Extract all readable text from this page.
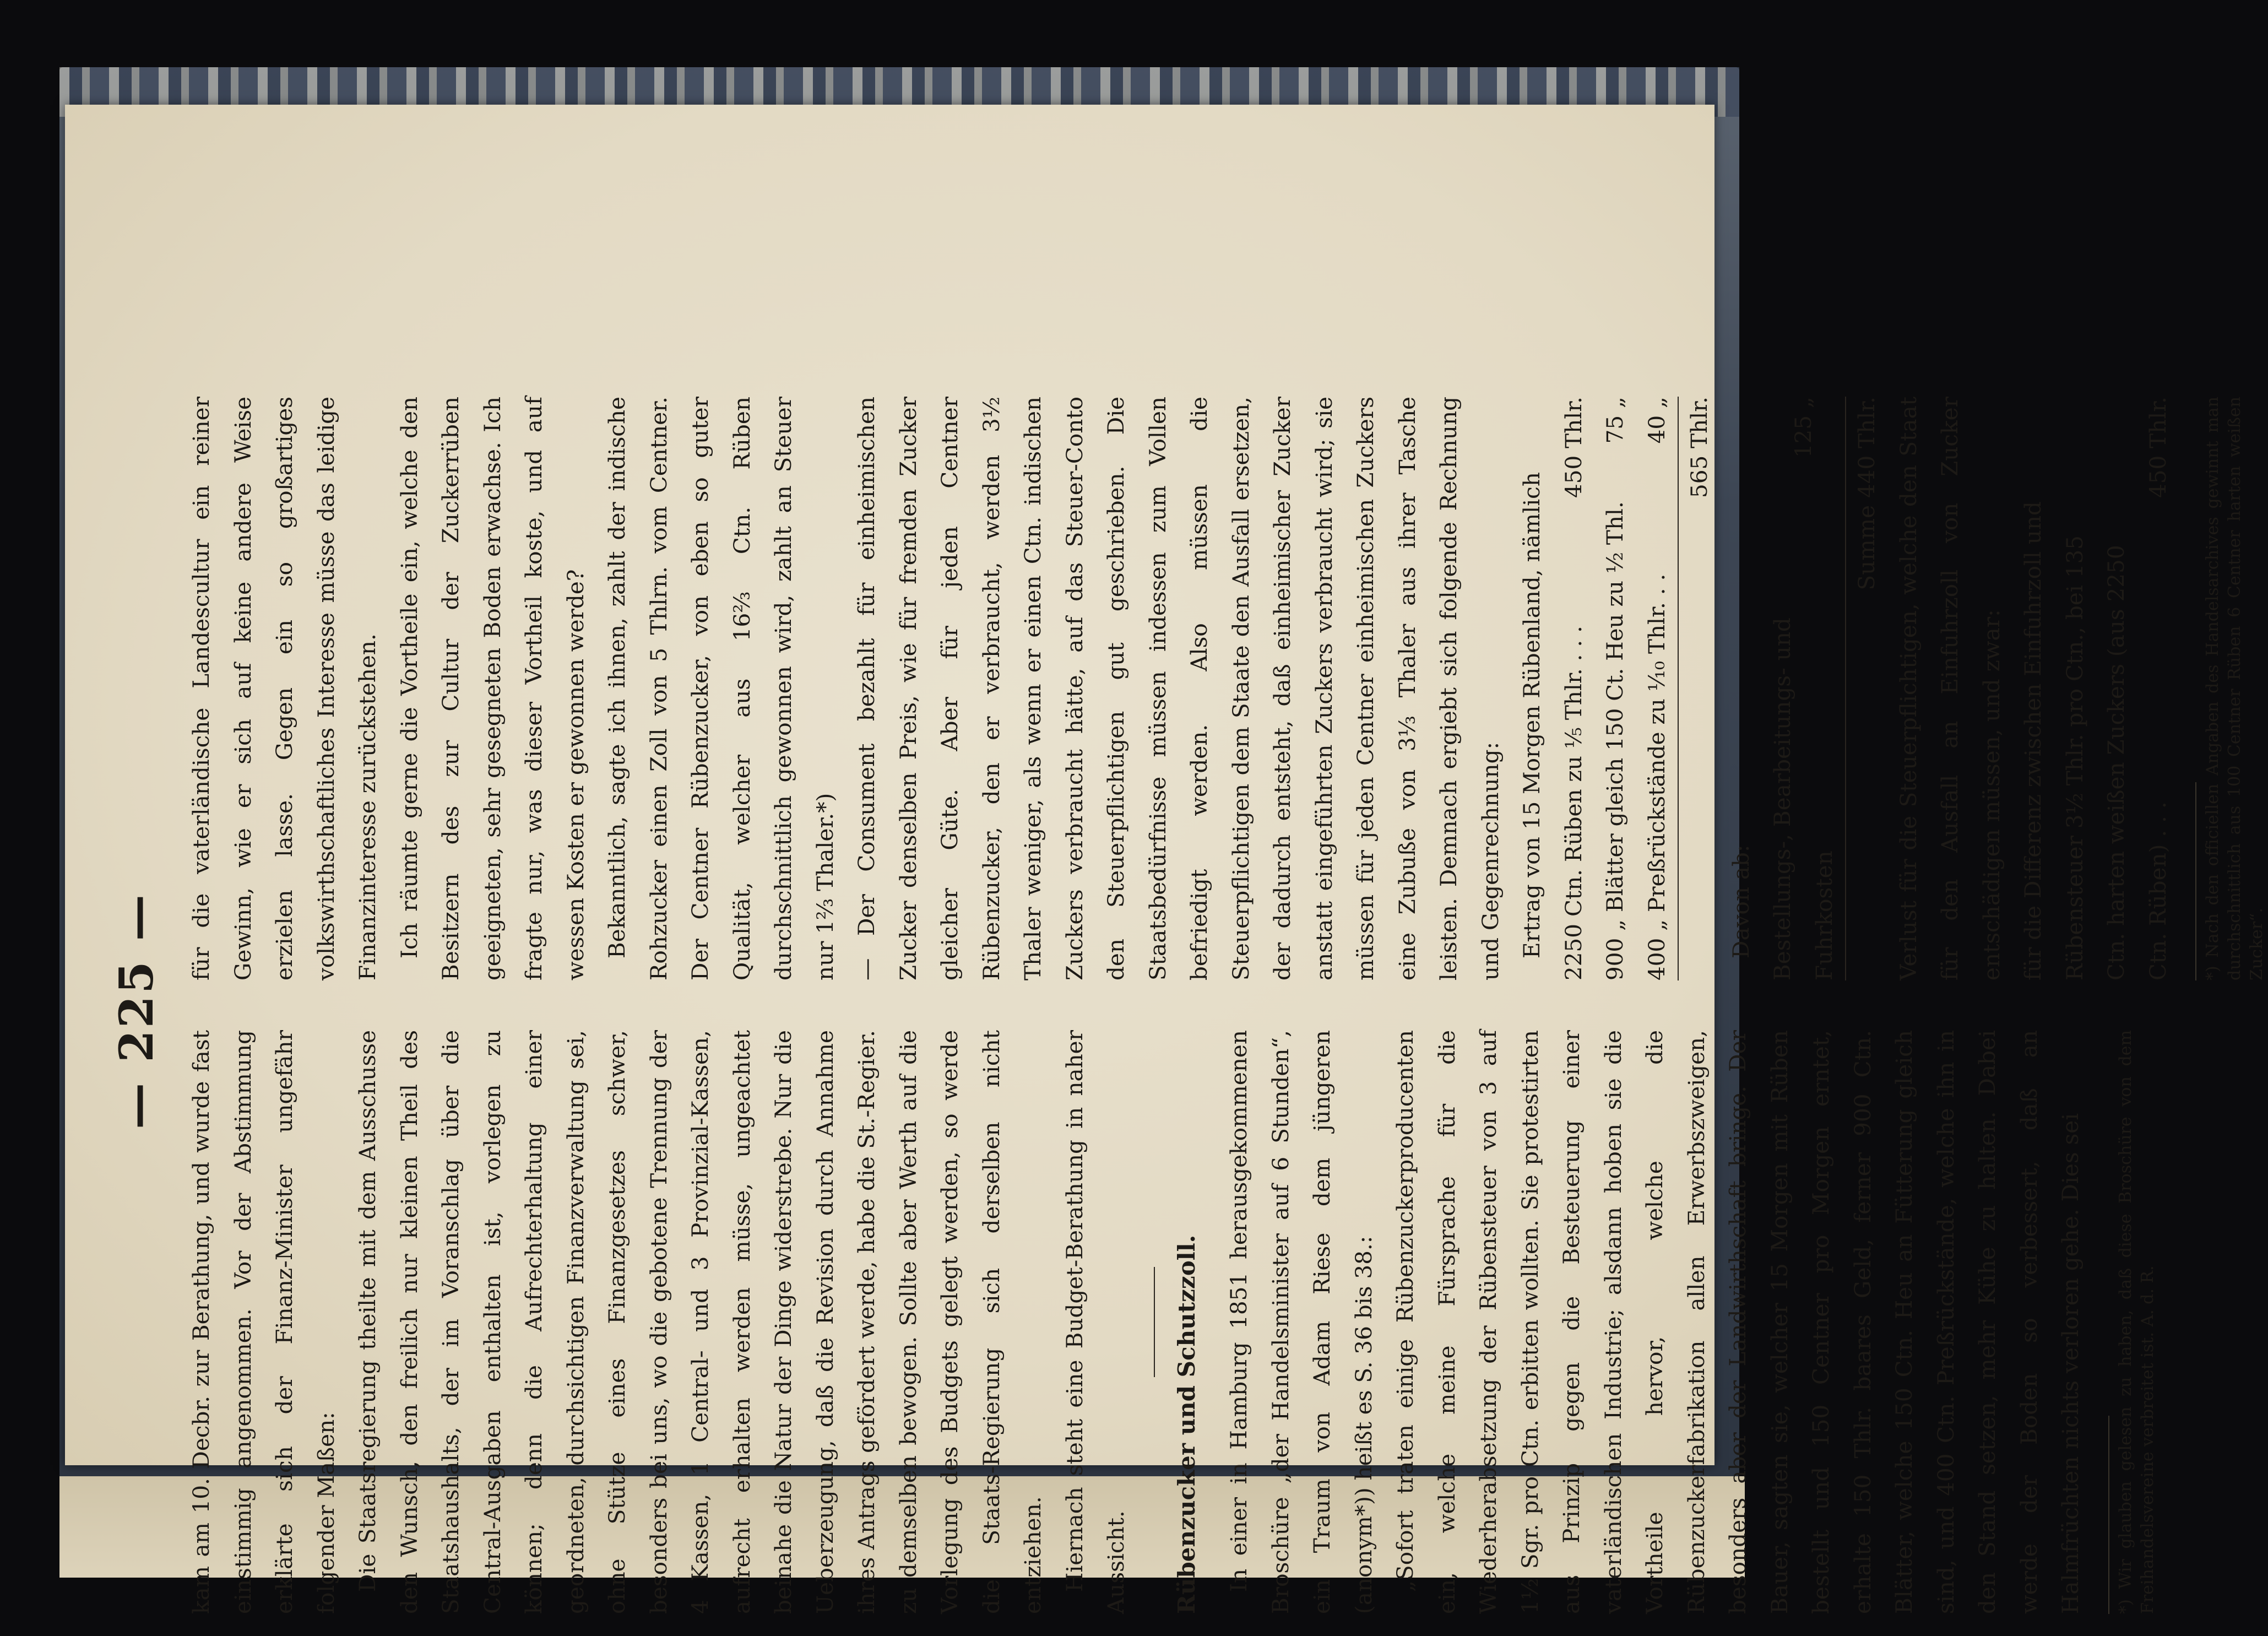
— 225 —

kam am 10. Decbr. zur Berathung, und wurde fast einstimmig angenommen. Vor der Abstimmung erklärte sich der Finanz-Minister ungefähr folgender Maßen: Die Staatsregierung theilte mit dem Ausschusse den Wunsch, den freilich nur kleinen Theil des Staatshaushalts, der im Voranschlag über die Central-Ausgaben enthalten ist, vorlegen zu können; denn die Aufrechterhaltung einer geordneten, durchsichtigen Finanzverwaltung sei, ohne Stütze eines Finanzgesetzes schwer, besonders bei uns, wo die gebotene Trennung der 4 Kassen, 1 Central- und 3 Provinzial-Kassen, aufrecht erhalten werden müsse, ungeachtet beinahe die Natur der Dinge widerstrebe. Nur die Ueberzeugung, daß die Revision durch Annahme ihres Antrags gefördert werde, habe die St.-Regier. zu demselben bewogen. Sollte aber Werth auf die Vorlegung des Budgets gelegt werden, so werde die Staats-Regierung sich derselben nicht entziehen. Hiernach steht eine Budget-Berathung in naher Aussicht.	Rübenzucker und Schutzzoll.	In einer in Hamburg 1851 herausgekommenen Broschüre „der Handelsminister auf 6 Stunden“, ein Traum von Adam Riese dem jüngeren (anonym*)) heißt es S. 36 bis 38.: „Sofort traten einige Rübenzuckerproducenten ein, welche meine Fürsprache für die Wiederherabsetzung der Rübensteuer von 3 auf 1½ Sgr. pro Ctn. erbitten wollten. Sie protestirten aus Prinzip gegen die Besteuerung einer vaterländischen Industrie; alsdann hoben sie die Vortheile hervor, welche die Rübenzuckerfabrikation allen Erwerbszweigen, besonders aber der Landwirthschaft bringe. Der Bauer, sagten sie, welcher 15 Morgen mit Rüben bestellt und 150 Centner pro Morgen erntet, erhalte 150 Thlr. baares Geld, ferner 900 Ctn. Blätter, welche 150 Ctn. Heu an Fütterung gleich sind, und 400 Ctn. Preßrückstände, welche ihn in den Stand setzen, mehr Kühe zu halten. Dabei werde der Boden so verbessert, daß an Halmfrüchten nichts verloren gehe. Dies sei	*) Wir glauben gelesen zu haben, daß diese Broschüre von dem Freihandelsvereine verbreitet ist. A. d. R.

für die vaterländische Landescultur ein reiner Gewinn, wie er sich auf keine andere Weise erzielen lasse. Gegen ein so großartiges volkswirthschaftliches Interesse müsse das leidige Finanzinteresse zurückstehen. Ich räumte gerne die Vortheile ein, welche den Besitzern des zur Cultur der Zuckerrüben geeigneten, sehr gesegneten Boden erwachse. Ich fragte nur, was dieser Vortheil koste, und auf wessen Kosten er gewonnen werde? Bekanntlich, sagte ich ihnen, zahlt der indische Rohzucker einen Zoll von 5 Thlrn. vom Centner. Der Centner Rübenzucker, von eben so guter Qualität, welcher aus 16⅔ Ctn. Rüben durchschnittlich gewonnen wird, zahlt an Steuer nur 1⅔ Thaler.*) — Der Consument bezahlt für einheimischen Zucker denselben Preis, wie für fremden Zucker gleicher Güte. Aber für jeden Centner Rübenzucker, den er verbraucht, werden 3½ Thaler weniger, als wenn er einen Ctn. indischen Zuckers verbraucht hätte, auf das Steuer-Conto den Steuerpflichtigen gut geschrieben. Die Staatsbedürfnisse müssen indessen zum Vollen befriedigt werden. Also müssen die Steuerpflichtigen dem Staate den Ausfall ersetzen, der dadurch entsteht, daß einheimischer Zucker anstatt eingeführten Zuckers verbraucht wird; sie müssen für jeden Centner einheimischen Zuckers eine Zubuße von 3⅓ Thaler aus ihrer Tasche leisten. Demnach ergiebt sich folgende Rechnung und Gegenrechnung: Ertrag von 15 Morgen Rübenland, nämlich 2250 Ctn. Rüben zu ⅕ Thlr. . . .	450 Thlr.
900 „ Blätter gleich 150 Ct. Heu zu ½ Thl.	75 „
400 „ Preßrückstände zu ⅒ Thlr. . .	40 „
	565 Thlr.

Davon ab: Bestellungs-, Bearbeitungs- und Fuhrkosten	125 „
	Summe 440 Thlr. Verlust für die Steuerpflichtigen, welche den Staat für den Ausfall an Einfuhrzoll von Zucker entschädigen müssen, und zwar: für die Differenz zwischen Einfuhrzoll und Rübensteuer 3½ Thlr. pro Ctn., bei 135 Ctn. harten weißen Zuckers (aus 2250 Ctn. Rüben) . . .	450 Thlr. *) Nach den officiellen Angaben des Handelsarchives gewinnt man durchschnittlich aus 100 Centner Rüben 6 Centner harten weißen Zucker“.
